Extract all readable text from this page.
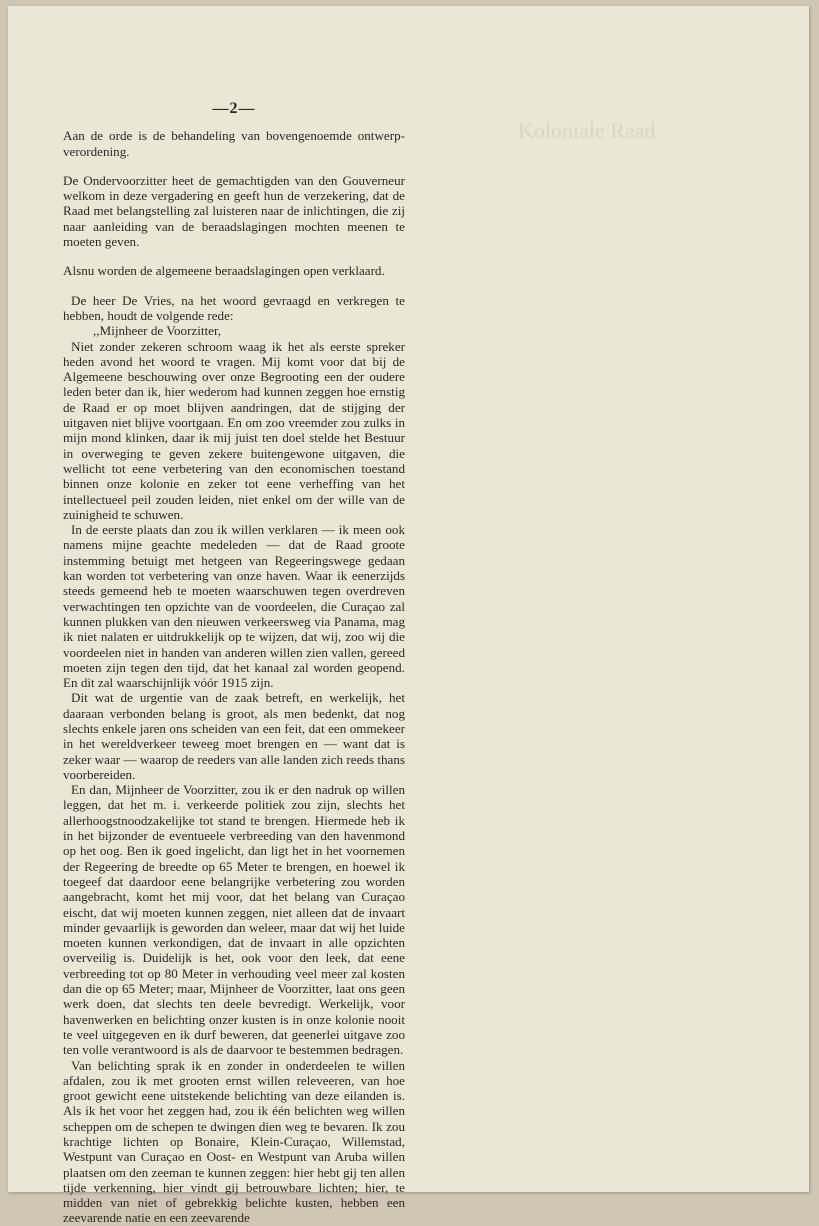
Koloniale Raad
—2—

Aan de orde is de behandeling van bovengenoemde ontwerp-verordening.

De Ondervoorzitter heet de gemachtigden van den Gouverneur welkom in deze vergadering en geeft hun de verzekering, dat de Raad met belangstelling zal luisteren naar de inlichtingen, die zij naar aanleiding van de beraadslagingen mochten meenen te moeten geven.

Alsnu worden de algemeene beraadslagingen open verklaard.

De heer De Vries, na het woord gevraagd en verkregen te hebben, houdt de volgende rede:

,,Mijnheer de Voorzitter,

Niet zonder zekeren schroom waag ik het als eerste spreker heden avond het woord te vragen. Mij komt voor dat bij de Algemeene beschouwing over onze Begrooting een der oudere leden beter dan ik, hier wederom had kunnen zeggen hoe ernstig de Raad er op moet blijven aandringen, dat de stijging der uitgaven niet blijve voortgaan. En om zoo vreemder zou zulks in mijn mond klinken, daar ik mij juist ten doel stelde het Bestuur in overweging te geven zekere buitengewone uitgaven, die wellicht tot eene verbetering van den economischen toestand binnen onze kolonie en zeker tot eene verheffing van het intellectueel peil zouden leiden, niet enkel om der wille van de zuinigheid te schuwen.

In de eerste plaats dan zou ik willen verklaren — ik meen ook namens mijne geachte medeleden — dat de Raad groote instemming betuigt met hetgeen van Regeeringswege gedaan kan worden tot verbetering van onze haven. Waar ik eenerzijds steeds gemeend heb te moeten waarschuwen tegen overdreven verwachtingen ten opzichte van de voordeelen, die Curaçao zal kunnen plukken van den nieuwen verkeersweg via Panama, mag ik niet nalaten er uitdrukkelijk op te wijzen, dat wij, zoo wij die voordeelen niet in handen van anderen willen zien vallen, gereed moeten zijn tegen den tijd, dat het kanaal zal worden geopend. En dit zal waarschijnlijk vóór 1915 zijn.

Dit wat de urgentie van de zaak betreft, en werkelijk, het daaraan verbonden belang is groot, als men bedenkt, dat nog slechts enkele jaren ons scheiden van een feit, dat een ommekeer in het wereldverkeer teweeg moet brengen en — want dat is zeker waar — waarop de reeders van alle landen zich reeds thans voorbereiden.

En dan, Mijnheer de Voorzitter, zou ik er den nadruk op willen leggen, dat het m. i. verkeerde politiek zou zijn, slechts het allerhoogstnoodzakelijke tot stand te brengen. Hiermede heb ik in het bijzonder de eventueele verbreeding van den havenmond op het oog. Ben ik goed ingelicht, dan ligt het in het voornemen der Regeering de breedte op 65 Meter te brengen, en hoewel ik toegeef dat daardoor eene belangrijke verbetering zou worden aangebracht, komt het mij voor, dat het belang van Curaçao eischt, dat wij moeten kunnen zeggen, niet alleen dat de invaart minder gevaarlijk is geworden dan weleer, maar dat wij het luide moeten kunnen verkondigen, dat de invaart in alle opzichten overveilig is. Duidelijk is het, ook voor den leek, dat eene verbreeding tot op 80 Meter in verhouding veel meer zal kosten dan die op 65 Meter; maar, Mijnheer de Voorzitter, laat ons geen werk doen, dat slechts ten deele bevredigt. Werkelijk, voor havenwerken en belichting onzer kusten is in onze kolonie nooit te veel uitgegeven en ik durf beweren, dat geenerlei uitgave zoo ten volle verantwoord is als de daarvoor te bestemmen bedragen.

Van belichting sprak ik en zonder in onderdeelen te willen afdalen, zou ik met grooten ernst willen releveeren, van hoe groot gewicht eene uitstekende belichting van deze eilanden is. Als ik het voor het zeggen had, zou ik één belichten weg willen scheppen om de schepen te dwingen dien weg te bevaren. Ik zou krachtige lichten op Bonaire, Klein-Curaçao, Willemstad, Westpunt van Curaçao en Oost- en Westpunt van Aruba willen plaatsen om den zeeman te kunnen zeggen: hier hebt gij ten allen tijde verkenning, hier vindt gij betrouwbare lichten; hier, te midden van niet of gebrekkig belichte kusten, hebben een zeevarende natie en een zeevarende
